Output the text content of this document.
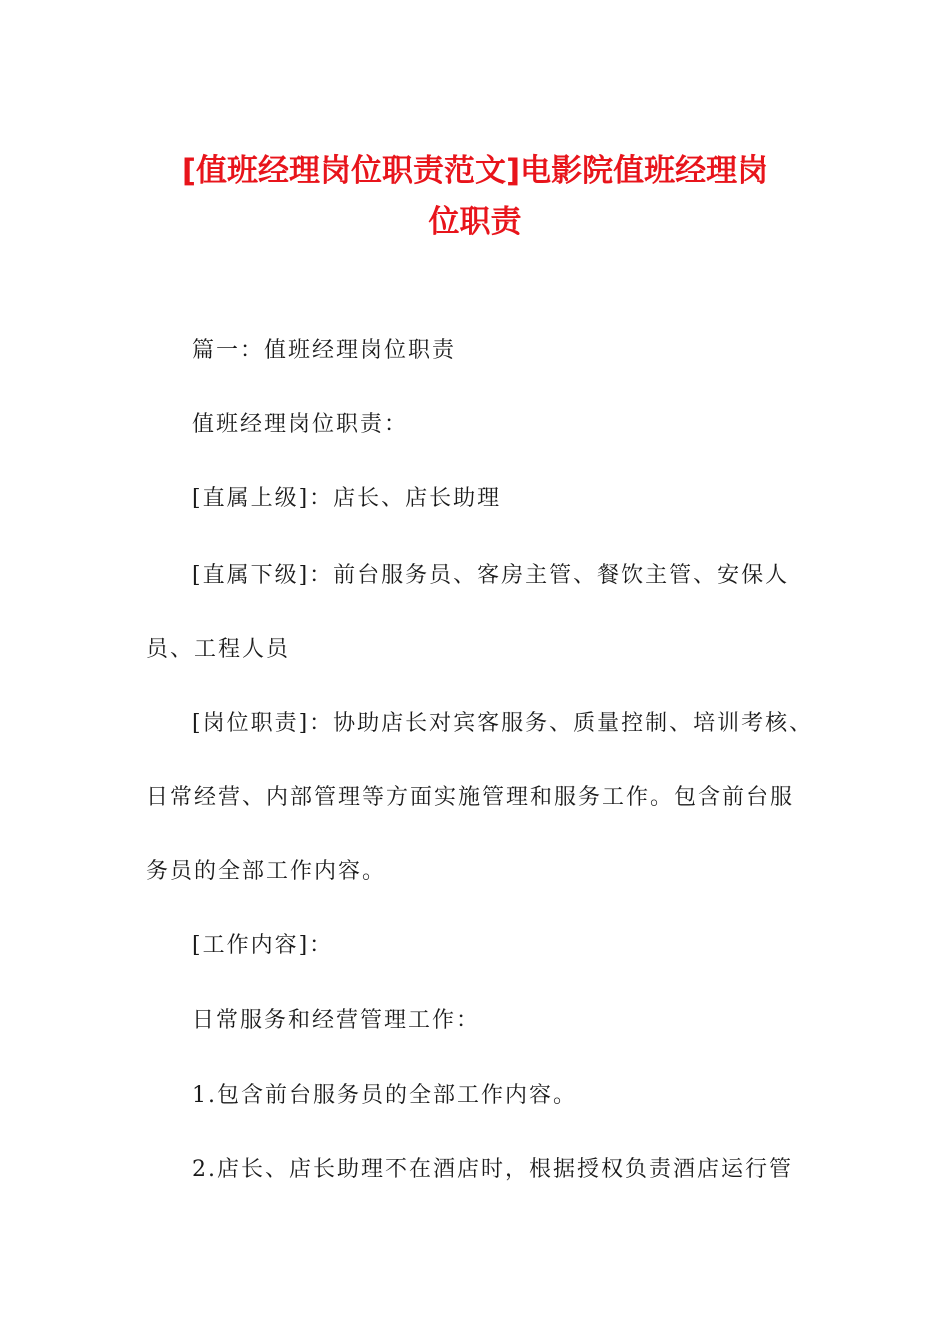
[值班经理岗位职责范文]电影院值班经理岗
位职责

篇一：值班经理岗位职责

值班经理岗位职责：

[直属上级]：店长、店长助理

[直属下级]：前台服务员、客房主管、餐饮主管、安保人
员、工程人员

[岗位职责]：协助店长对宾客服务、质量控制、培训考核、
日常经营、内部管理等方面实施管理和服务工作。包含前台服
务员的全部工作内容。

[工作内容]：

日常服务和经营管理工作：

1.包含前台服务员的全部工作内容。

2.店长、店长助理不在酒店时，根据授权负责酒店运行管
